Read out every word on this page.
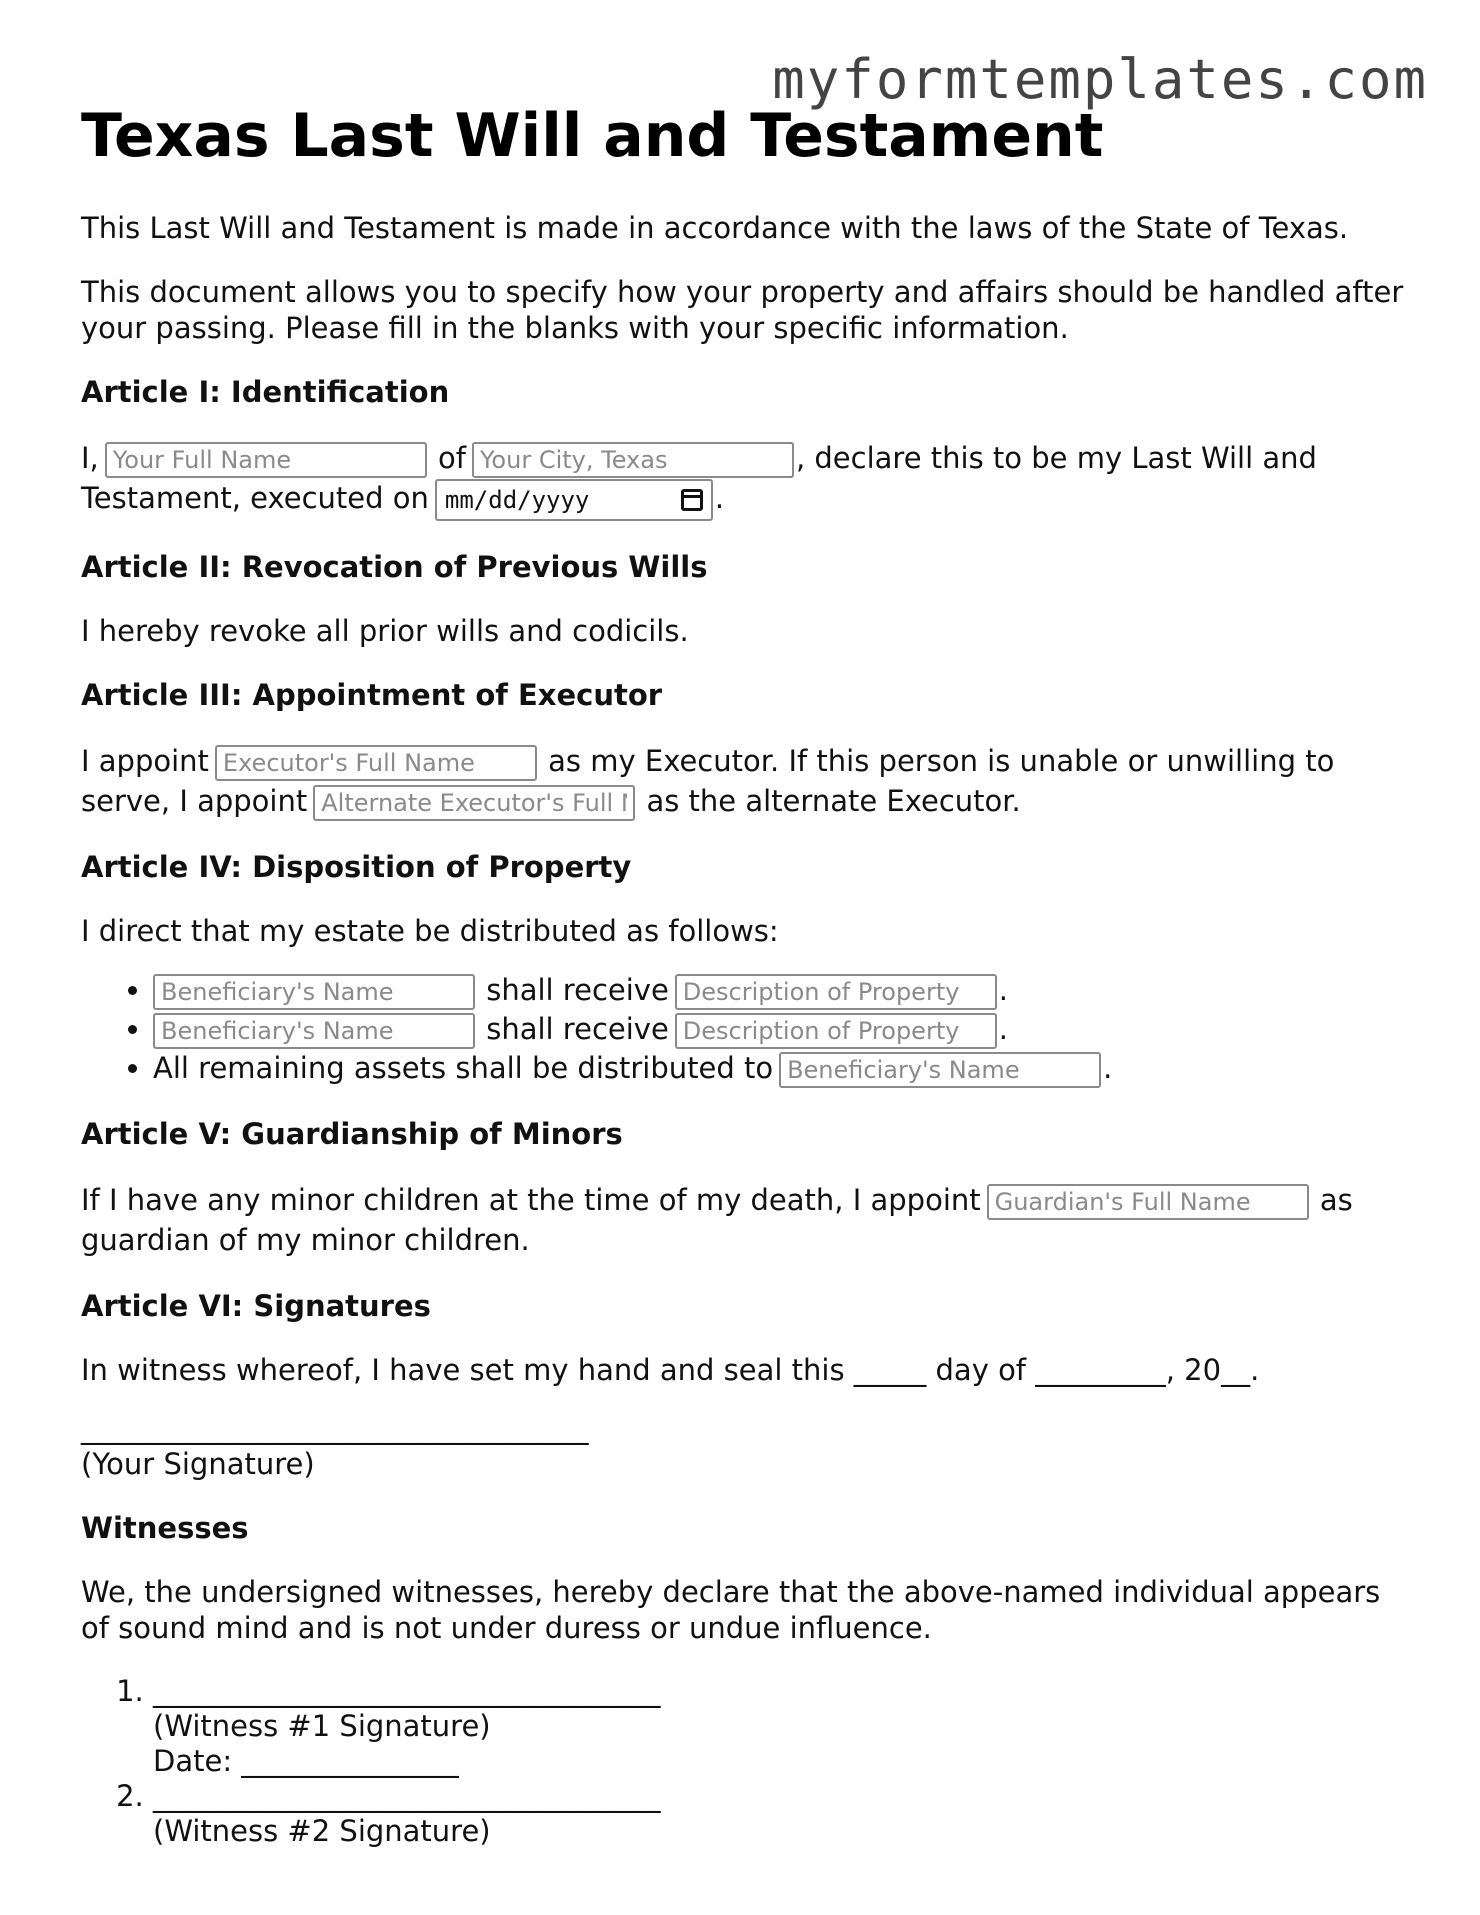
myformtemplates.com
Texas Last Will and Testament

This Last Will and Testament is made in accordance with the laws of the State of Texas.

This document allows you to specify how your property and affairs should be handled after your passing. Please fill in the blanks with your specific information.

Article I: Identification

I,Your Full Name	ofYour City, Texas	, declare this to be my Last Will and Testament, executed on mm/dd/yyyy	.

Article II: Revocation of Previous Wills

I hereby revoke all prior wills and codicils.

Article III: Appointment of Executor

I appointExecutor's Full Name	as my Executor. If this person is unable or unwilling to serve, I appointAlternate Executor's Full Name	as the alternate Executor.

Article IV: Disposition of Property

I direct that my estate be distributed as follows:

Beneficiary's Name • shall receiveDescription of Property	.
Beneficiary's Name • shall receiveDescription of Property	.
• All remaining assets shall be distributed toBeneficiary's Name	.
Article V: Guardianship of Minors

If I have any minor children at the time of my death, I appointGuardian's Full Name	as guardian of my minor children.

Article VI: Signatures

In witness whereof, I have set my hand and seal this _____ day of _________, 20__.

___________________________________
(Your Signature)

Witnesses

We, the undersigned witnesses, hereby declare that the above-named individual appears of sound mind and is not under duress or undue influence.

1. ___________________________________
(Witness #1 Signature)
Date: _______________
2. ___________________________________
(Witness #2 Signature)
